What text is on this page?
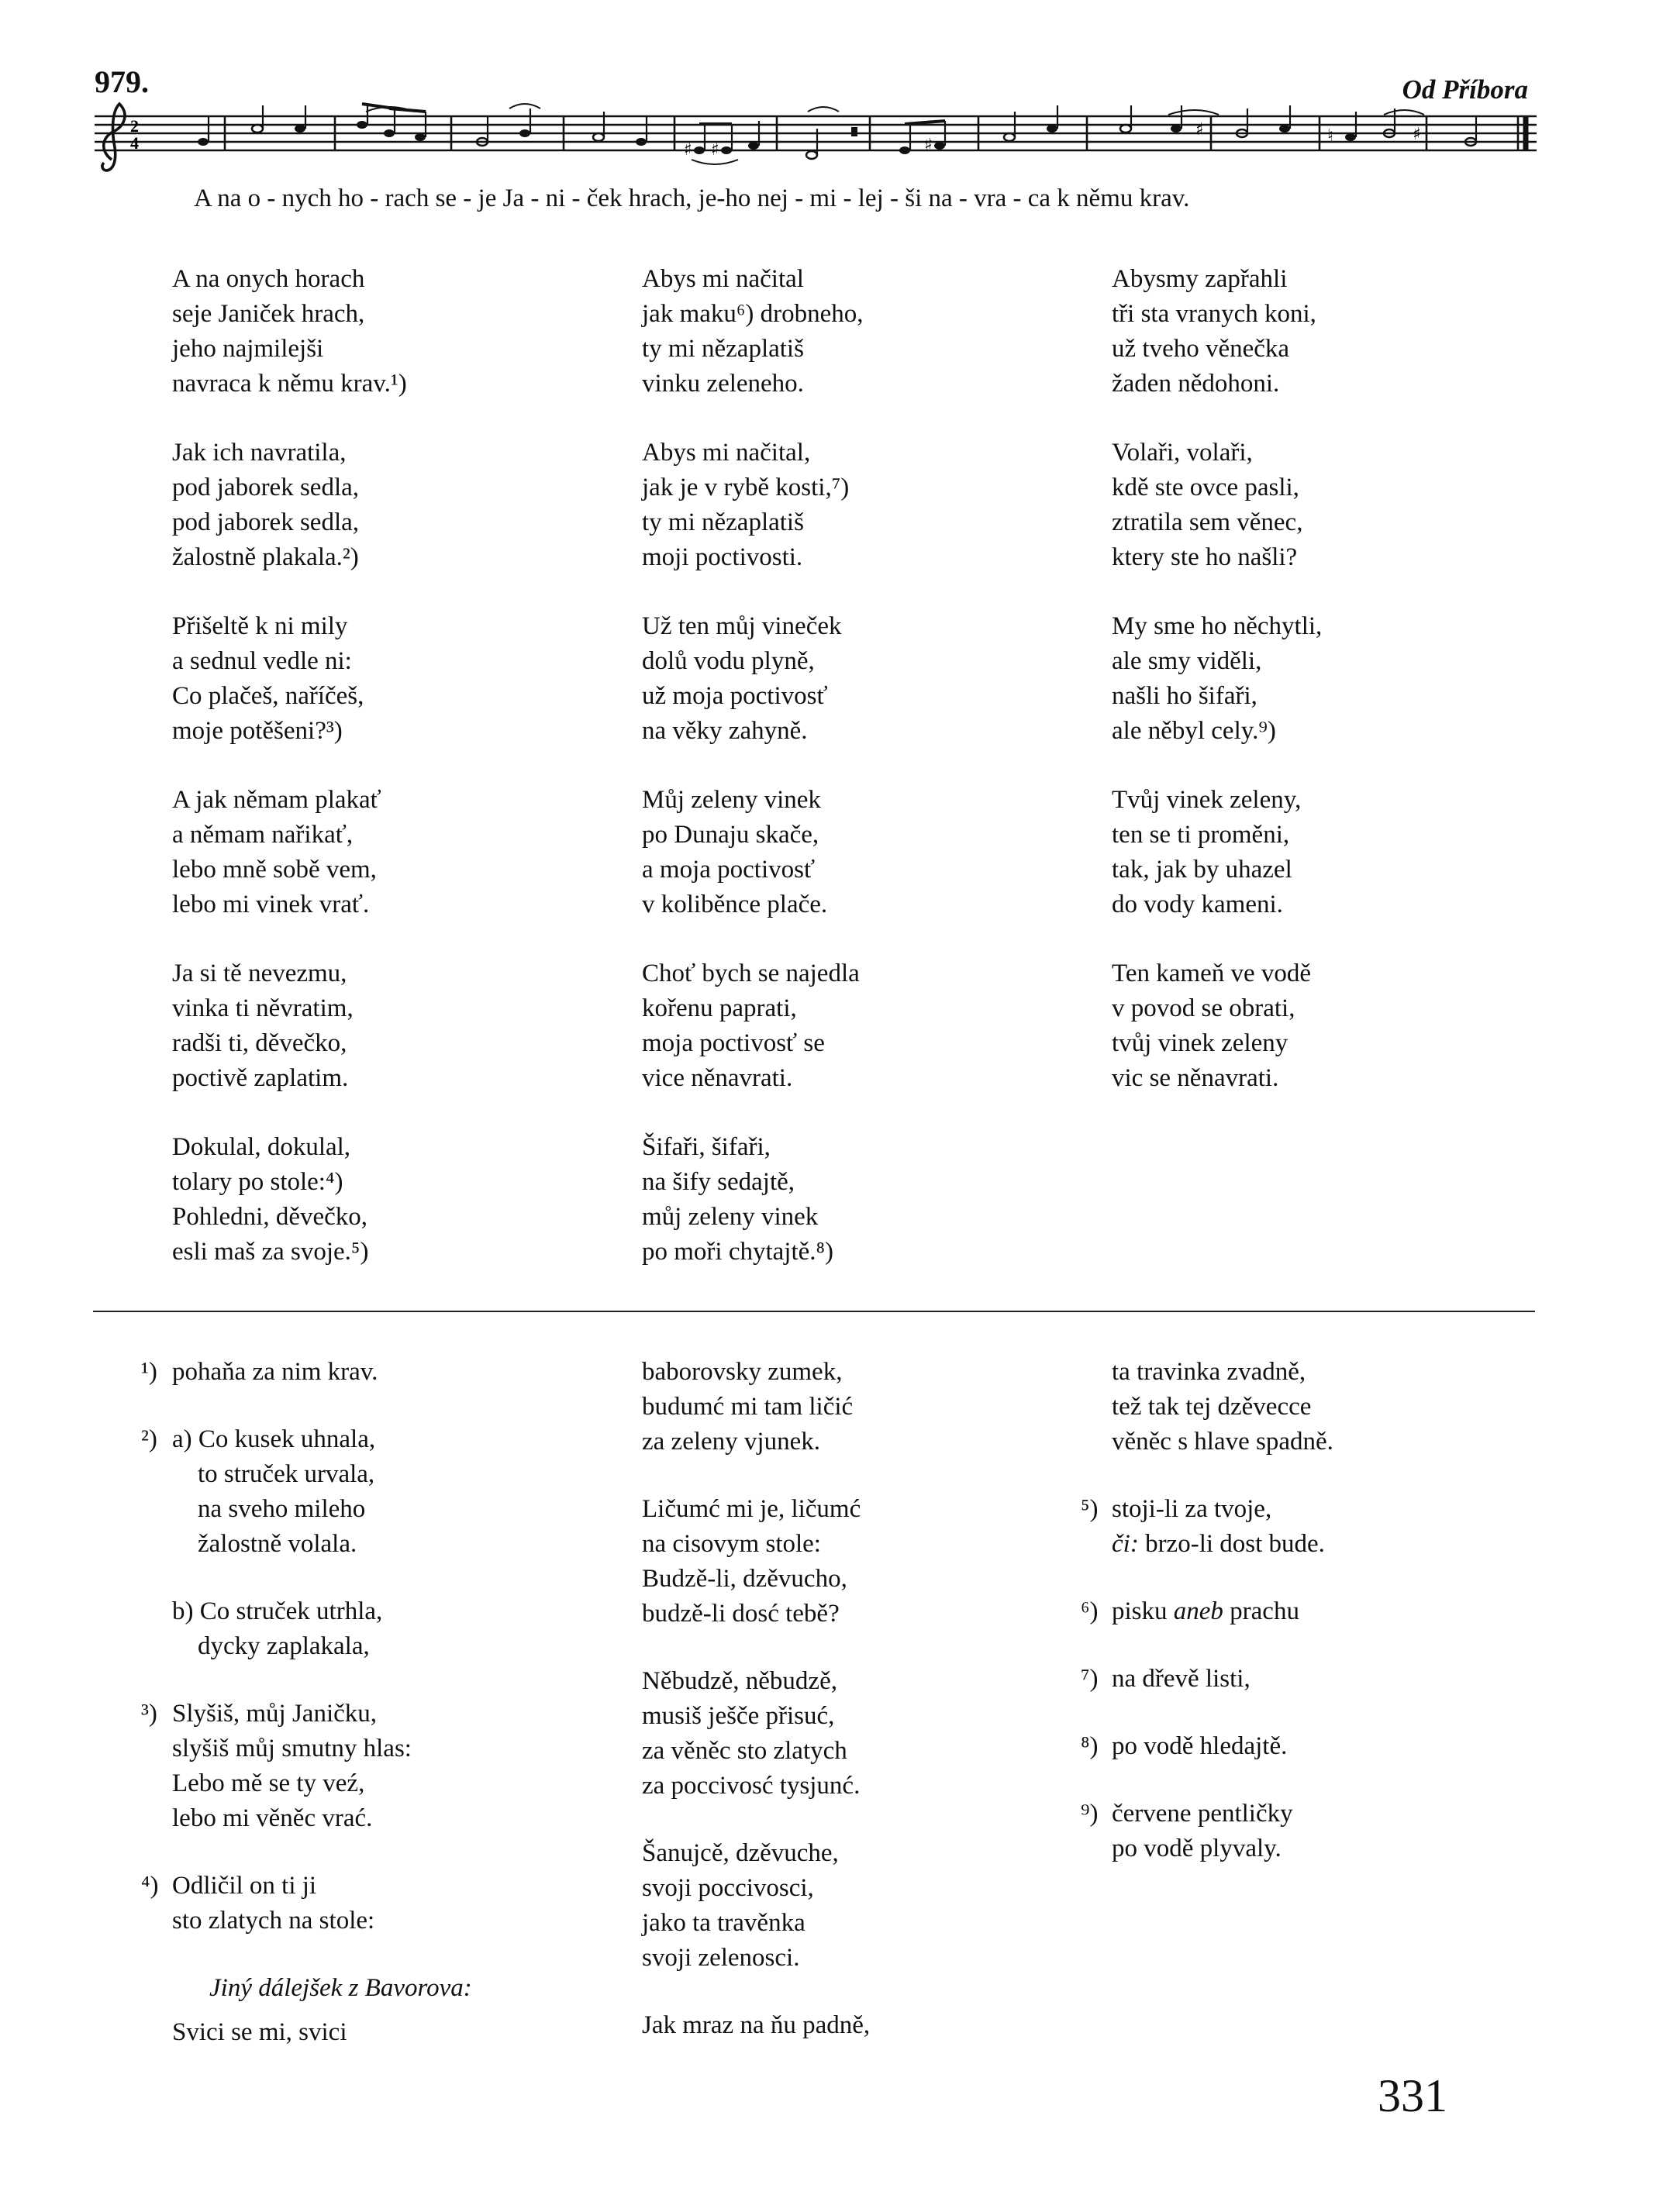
979.	Od Příbora
2
4	♯ ♯	♯
♯	♮	♯
A na o - nych ho - rach se - je Ja - ni - ček hrach, je-ho nej - mi - lej - ši na - vra - ca k němu krav.
A na onych horach
seje Janiček hrach,
jeho najmilejši
navraca k němu krav.¹)
Jak ich navratila,
pod jaborek sedla,
pod jaborek sedla,
žalostně plakala.²)
Přišeltě k ni mily
a sednul vedle ni:
Co plačeš, naříčeš,
moje potěšeni?³)
A jak němam plakať
a němam nařikať,
lebo mně sobě vem,
lebo mi vinek vrať.
Ja si tě nevezmu,
vinka ti něvratim,
radši ti, děvečko,
poctivě zaplatim.
Dokulal, dokulal,
tolary po stole:⁴)
Pohledni, děvečko,
esli maš za svoje.⁵)
Abys mi načital
jak maku⁶) drobneho,
ty mi nězaplatiš
vinku zeleneho.
Abys mi načital,
jak je v rybě kosti,⁷)
ty mi nězaplatiš
moji poctivosti.
Už ten můj vineček
dolů vodu plyně,
už moja poctivosť
na věky zahyně.
Můj zeleny vinek
po Dunaju skače,
a moja poctivosť
v koliběnce plače.
Choť bych se najedla
kořenu paprati,
moja poctivosť se
vice něnavrati.
Šifaři, šifaři,
na šify sedajtě,
můj zeleny vinek
po moři chytajtě.⁸)
Abysmy zapřahli
tři sta vranych koni,
už tveho věnečka
žaden nědohoni.
Volaři, volaři,
kdě ste ovce pasli,
ztratila sem věnec,
ktery ste ho našli?
My sme ho něchytli,
ale smy viděli,
našli ho šifaři,
ale něbyl cely.⁹)
Tvůj vinek zeleny,
ten se ti proměni,
tak, jak by uhazel
do vody kameni.
Ten kameň ve vodě
v povod se obrati,
tvůj vinek zeleny
vic se něnavrati.
¹) pohaňa za nim krav.
²) a) Co kusek uhnala,
to struček urvala,
na sveho mileho
žalostně volala.
b) Co struček utrhla,
dycky zaplakala,
³) Slyšiš, můj Janičku,
slyšiš můj smutny hlas:
Lebo mě se ty veź,
lebo mi věněc vrać.
⁴) Odličil on ti ji
sto zlatych na stole:
Jiný dálejšek z Bavorova:
Svici se mi, svici
baborovsky zumek,
budumć mi tam ličić
za zeleny vjunek.
Ličumć mi je, ličumć
na cisovym stole:
Budzě-li, dzěvucho,
budzě-li dosć tebě?
Něbudzě, něbudzě,
musiš ješče přisuć,
za věněc sto zlatych
za poccivosć tysjunć.
Šanujcě, dzěvuche,
svoji poccivosci,
jako ta travěnka
svoji zelenosci.
Jak mraz na ňu padně,
ta travinka zvadně,
tež tak tej dzěvecce
věněc s hlave spadně.
⁵) stoji-li za tvoje,
či: brzo-li dost bude.
⁶) pisku aneb prachu
⁷) na dřevě listi,
⁸) po vodě hledajtě.
⁹) červene pentličky
po vodě plyvaly.
331
